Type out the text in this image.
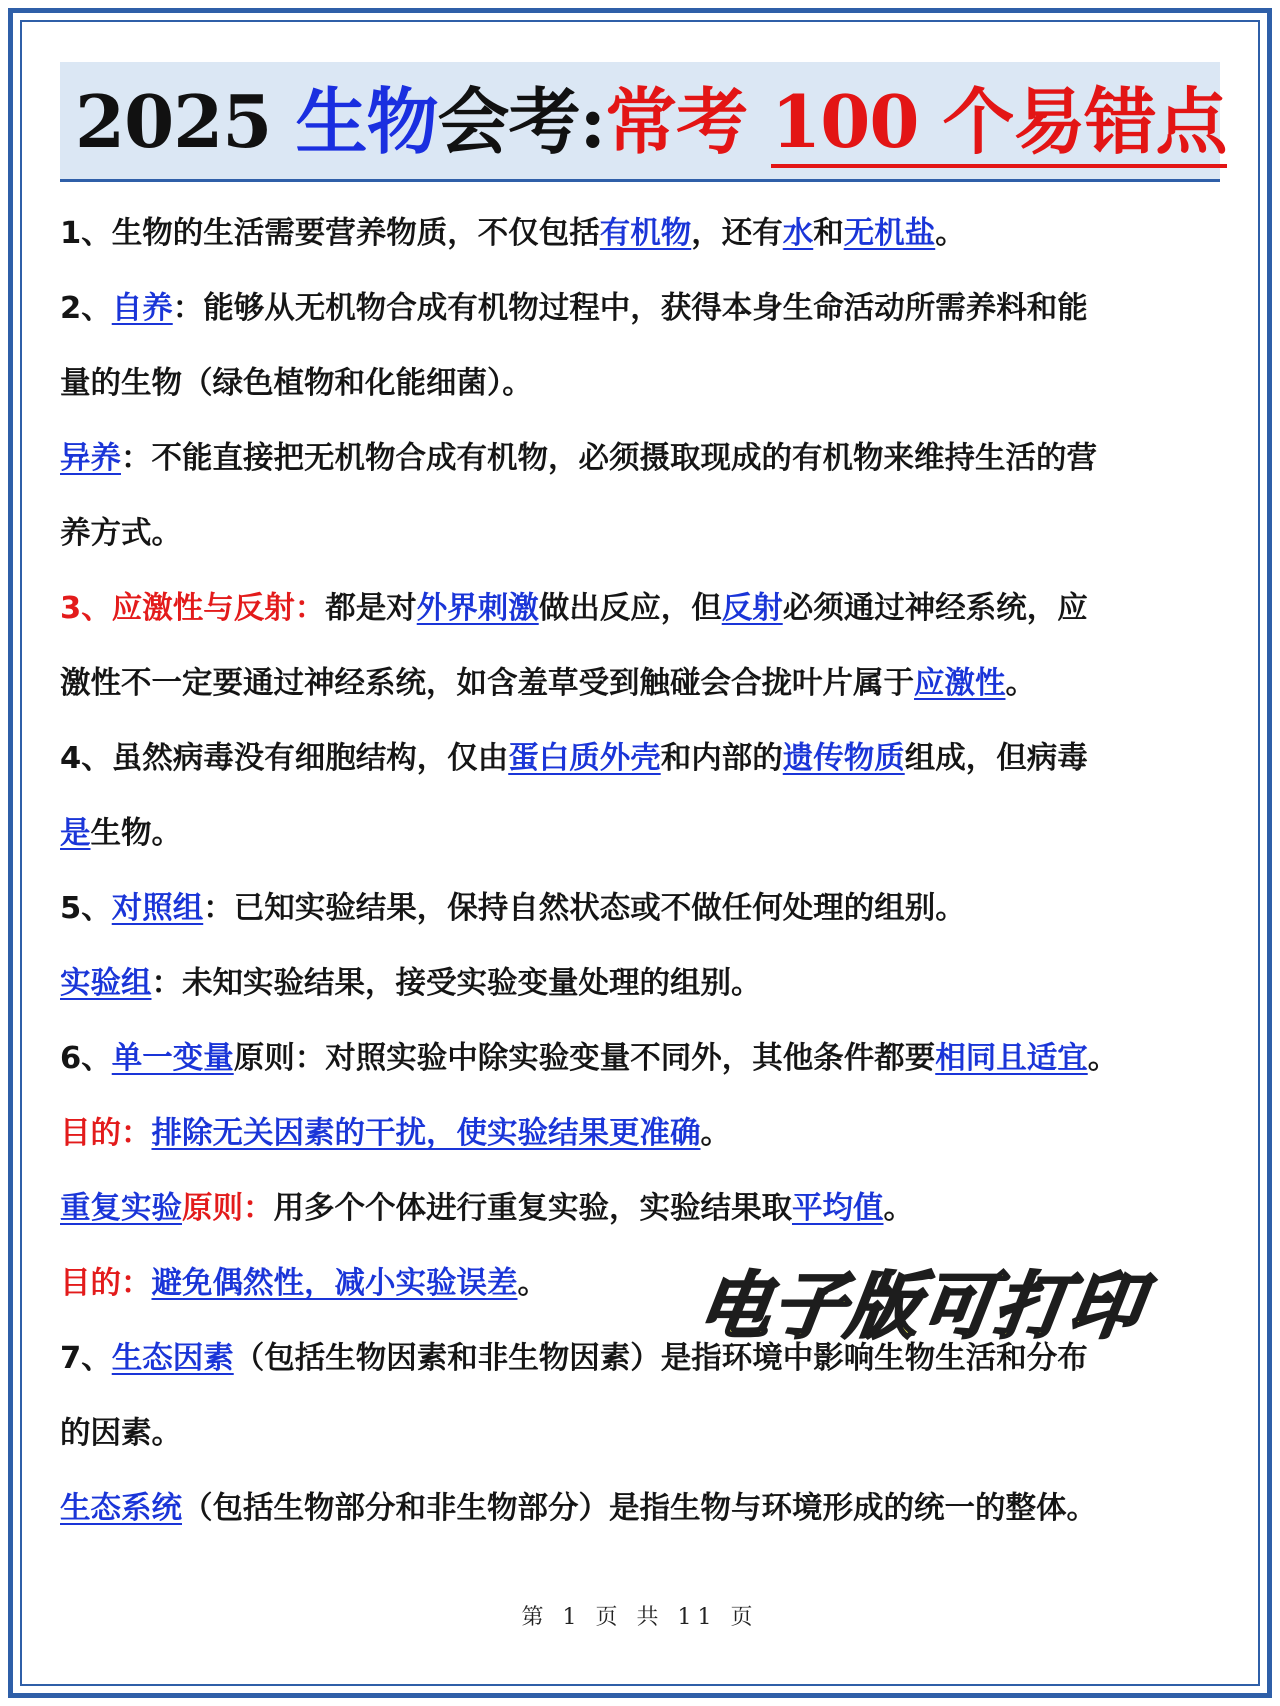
2025 生物会考:常考 100 个易错点
1、生物的生活需要营养物质，不仅包括有机物，还有水和无机盐。
2、自养：能够从无机物合成有机物过程中，获得本身生命活动所需养料和能
量的生物（绿色植物和化能细菌）。
异养：不能直接把无机物合成有机物，必须摄取现成的有机物来维持生活的营
养方式。
3、应激性与反射：都是对外界刺激做出反应，但反射必须通过神经系统，应
激性不一定要通过神经系统，如含羞草受到触碰会合拢叶片属于应激性。
4、虽然病毒没有细胞结构，仅由蛋白质外壳和内部的遗传物质组成，但病毒
是生物。
5、对照组：已知实验结果，保持自然状态或不做任何处理的组别。
实验组：未知实验结果，接受实验变量处理的组别。
6、单一变量原则：对照实验中除实验变量不同外，其他条件都要相同且适宜。
目的：排除无关因素的干扰，使实验结果更准确。
重复实验原则：用多个个体进行重复实验，实验结果取平均值。
目的：避免偶然性，减小实验误差。
7、生态因素（包括生物因素和非生物因素）是指环境中影响生物生活和分布
的因素。
生态系统（包括生物部分和非生物部分）是指生物与环境形成的统一的整体。
电子版可打印
第 1 页 共 11 页
